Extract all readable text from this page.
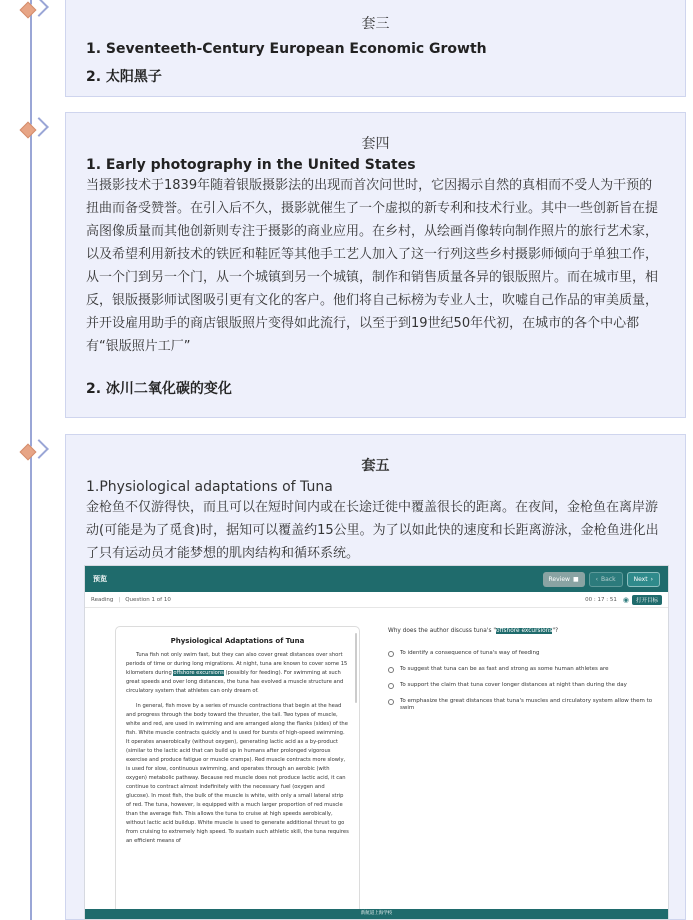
套三
1. Seventeeth-Century European Economic Growth
2. 太阳黑子
套四
1. Early photography in the United States
当摄影技术于1839年随着银版摄影法的出现而首次问世时，它因揭示自然的真相而不受人为干预的扭曲而备受赞誉。在引入后不久，摄影就催生了一个虚拟的新专利和技术行业。其中一些创新旨在提高图像质量而其他创新则专注于摄影的商业应用。在乡村，从绘画肖像转向制作照片的旅行艺术家，以及希望利用新技术的铁匠和鞋匠等其他手工艺人加入了这一行列这些乡村摄影师倾向于单独工作，从一个门到另一个门，从一个城镇到另一个城镇，制作和销售质量各异的银版照片。而在城市里，相反，银版摄影师试图吸引更有文化的客户。他们将自己标榜为专业人士，吹嘘自己作品的审美质量，并开设雇用助手的商店银版照片变得如此流行，以至于到19世纪50年代初，在城市的各个中心都有“银版照片工厂”
2. 冰川二氧化碳的变化
套五
1.Physiological adaptations of Tuna
金枪鱼不仅游得快，而且可以在短时间内或在长途迁徙中覆盖很长的距离。在夜间，金枪鱼在离岸游动(可能是为了觅食)时，据知可以覆盖约15公里。为了以如此快的速度和长距离游泳，金枪鱼进化出了只有运动员才能梦想的肌肉结构和循环系统。
预览	Review ■	‹ Back	Next ›
Reading | Question 1 of 10	00 : 17 : 51 ◉	打开目标
Physiological Adaptations of Tuna

Tuna fish not only swim fast, but they can also cover great distances over short periods of time or during long migrations. At night, tuna are known to cover some 15 kilometers during offshore excursions (possibly for feeding). For swimming at such great speeds and over long distances, the tuna has evolved a muscle structure and circulatory system that athletes can only dream of.

In general, fish move by a series of muscle contractions that begin at the head and progress through the body toward the thruster, the tail. Two types of muscle, white and red, are used in swimming and are arranged along the flanks (sides) of the fish. White muscle contracts quickly and is used for bursts of high-speed swimming. It operates anaerobically (without oxygen), generating lactic acid as a by-product (similar to the lactic acid that can build up in humans after prolonged vigorous exercise and produce fatigue or muscle cramps). Red muscle contracts more slowly, is used for slow, continuous swimming, and operates through an aerobic (with oxygen) metabolic pathway. Because red muscle does not produce lactic acid, it can continue to contract almost indefinitely with the necessary fuel (oxygen and glucose). In most fish, the bulk of the muscle is white, with only a small lateral strip of red. The tuna, however, is equipped with a much larger proportion of red muscle than the average fish. This allows the tuna to cruise at high speeds aerobically, without lactic acid buildup. White muscle is used to generate additional thrust to go from cruising to extremely high speed. To sustain such athletic skill, the tuna requires an efficient means of

Why does the author discuss tuna's "offshore excursions"?
To identify a consequence of tuna's way of feeding
To suggest that tuna can be as fast and strong as some human athletes are
To support the claim that tuna cover longer distances at night than during the day
To emphasize the great distances that tuna's muscles and circulatory system allow them to swim
新航道上海学校
